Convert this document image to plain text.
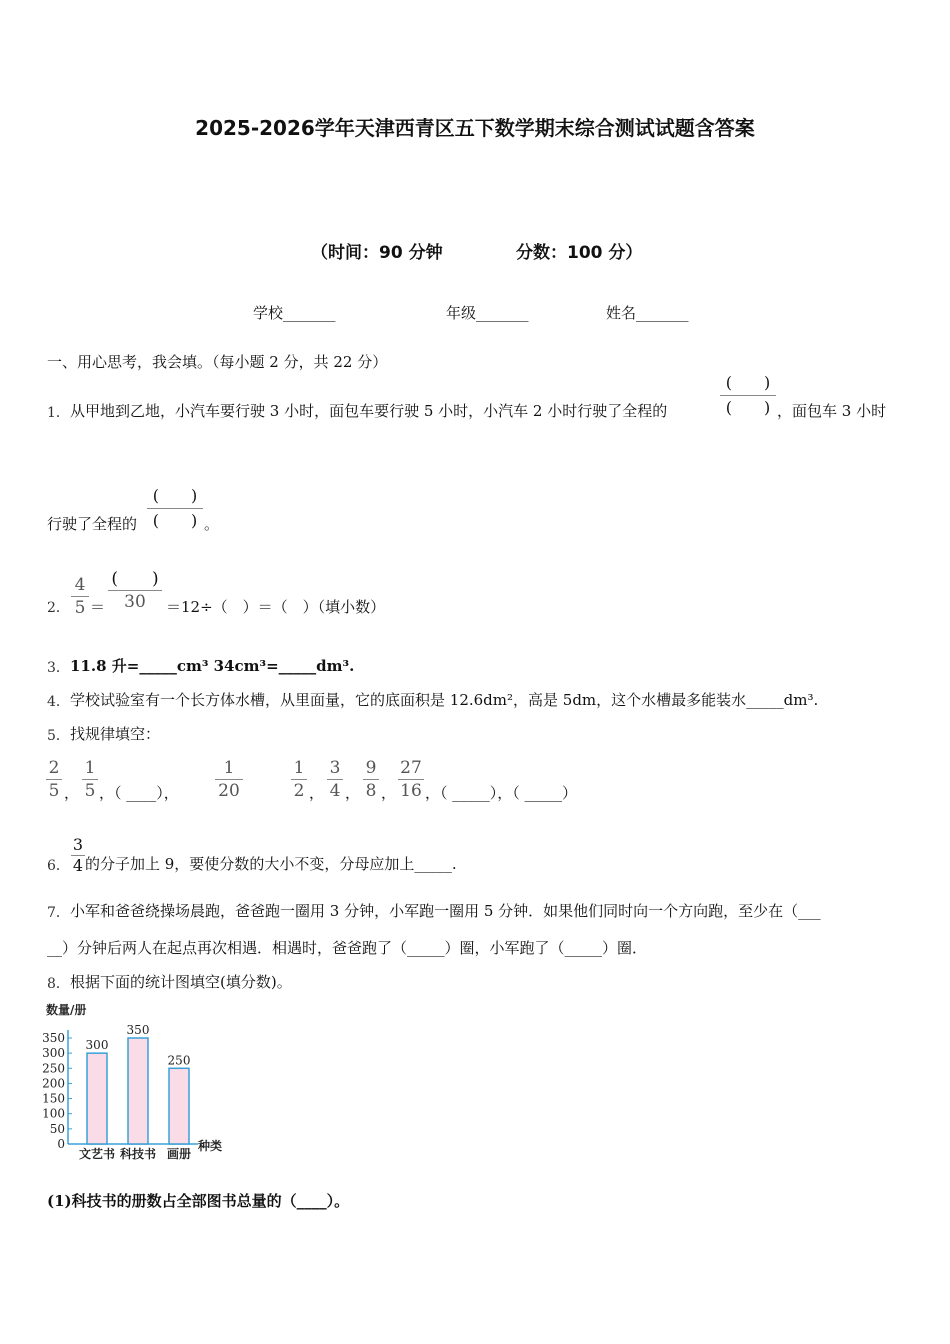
2025-2026学年天津西青区五下数学期末综合测试试题含答案
（时间：90 分钟	分数：100 分）
学校_______	年级_______	姓名_______
一、用心思考，我会填。（每小题 2 分，共 22 分）
1． 从甲地到乙地，小汽车要行驶 3 小时，面包车要行驶 5 小时，小汽车 2 小时行驶了全程的
(　　)
(　　) ，面包车 3 小时
行驶了全程的
(　　)
(　　) 。
2．
4
5 ＝
(　　)
30	＝12÷（　）＝（　）（填小数）
3． 11.8 升=_____cm³ 34cm³=_____dm³.
4． 学校试验室有一个长方体水槽，从里面量，它的底面积是 12.6dm²，高是 5dm，这个水槽最多能装水_____dm³.
5． 找规律填空：
2
5 ，
1
5 ，（ ____），
1
20
1
2 ，
3
4 ，
9
8 ，
27
16 ，（ _____），（ _____）
6．
3
4 的分子加上 9，要使分数的大小不变，分母应加上_____.
7． 小军和爸爸绕操场晨跑，爸爸跑一圈用 3 分钟，小军跑一圈用 5 分钟．如果他们同时向一个方向跑，至少在（___
__）分钟后两人在起点再次相遇．相遇时，爸爸跑了（_____）圈，小军跑了（_____）圈．
8． 根据下面的统计图填空(填分数)。
数量/册
种类
0
50
100
150
200
250
300
350
300
文艺书
350
科技书
250
画册
(1)科技书的册数占全部图书总量的（____）。
